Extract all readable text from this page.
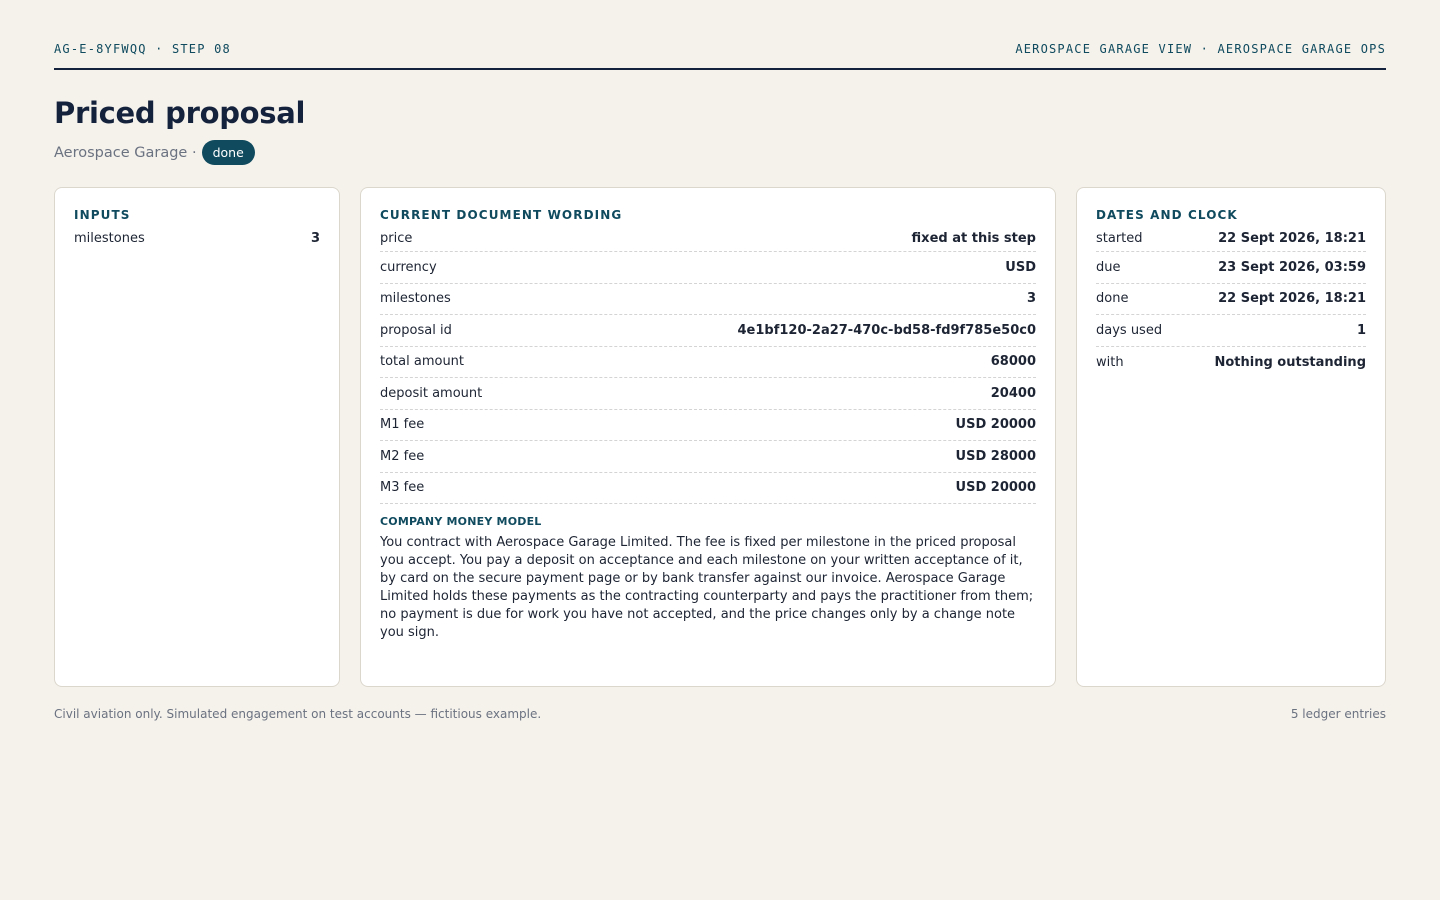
AG-E-8YFWQQ · STEP 08	AEROSPACE GARAGE VIEW · AEROSPACE GARAGE OPS
Priced proposal
Aerospace Garage ·	done
INPUTS
milestones	3
CURRENT DOCUMENT WORDING
price	fixed at this step
currency	USD
milestones	3
proposal id	4e1bf120-2a27-470c-bd58-fd9f785e50c0
total amount	68000
deposit amount	20400
M1 fee	USD 20000
M2 fee	USD 28000
M3 fee	USD 20000
COMPANY MONEY MODEL

You contract with Aerospace Garage Limited. The fee is fixed per milestone in the priced proposal you accept. You pay a deposit on acceptance and each milestone on your written acceptance of it, by card on the secure payment page or by bank transfer against our invoice. Aerospace Garage Limited holds these payments as the contracting counterparty and pays the practitioner from them; no payment is due for work you have not accepted, and the price changes only by a change note you sign.

DATES AND CLOCK
started	22 Sept 2026, 18:21
due	23 Sept 2026, 03:59
done	22 Sept 2026, 18:21
days used	1
with	Nothing outstanding
Civil aviation only. Simulated engagement on test accounts — fictitious example.	5 ledger entries
